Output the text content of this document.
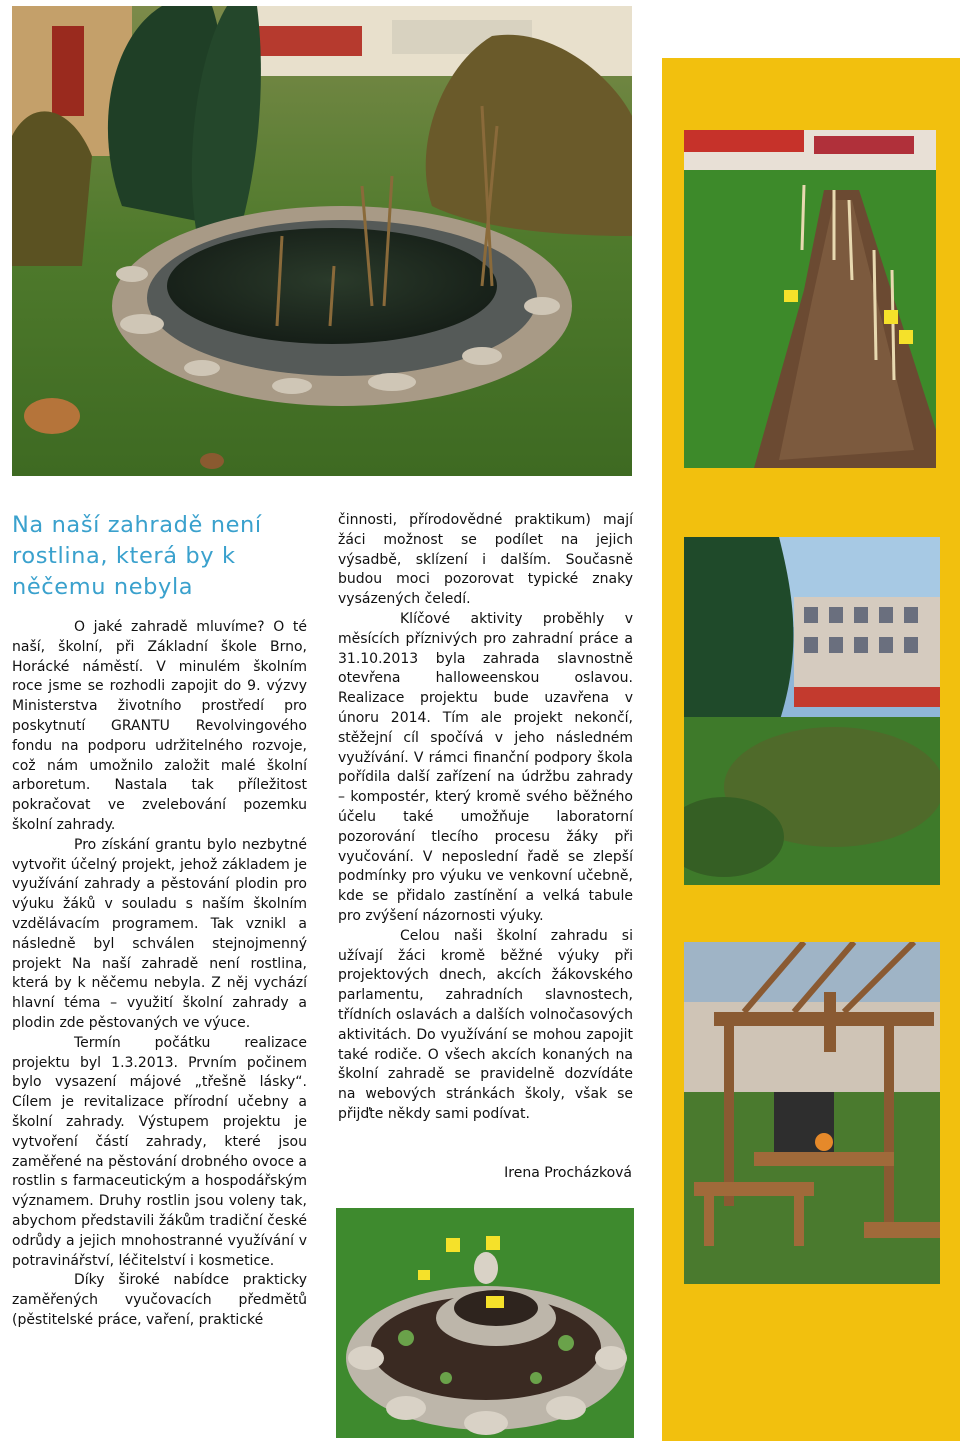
Na naší zahradě není rostlina, která by k něčemu nebyla

O jaké zahradě mluvíme? O té naší, školní, při Základní škole Brno, Horácké náměstí. V minulém školním roce jsme se rozhodli zapojit do 9. výzvy Ministerstva životního prostředí pro poskytnutí GRANTU Revolvingového fondu na podporu udržitelného rozvoje, což nám umožnilo založit malé školní arboretum. Nastala tak příležitost pokračovat ve zvelebování pozemku školní zahrady.

Pro získání grantu bylo nezbytné vytvořit účelný projekt, jehož základem je využívání zahrady a pěstování plodin pro výuku žáků v souladu s naším školním vzdělávacím programem. Tak vznikl a následně byl schválen stejnojmenný projekt Na naší zahradě není rostlina, která by k něčemu nebyla. Z něj vychází hlavní téma – využití školní zahrady a plodin zde pěstovaných ve výuce.

Termín počátku realizace projektu byl 1.3.2013. Prvním počinem bylo vysazení májové „třešně lásky“. Cílem je revitalizace přírodní učebny a školní zahrady. Výstupem projektu je vytvoření částí zahrady, které jsou zaměřené na pěstování drobného ovoce a rostlin s farmaceutickým a hospodářským významem. Druhy rostlin jsou voleny tak, abychom představili žákům tradiční české odrůdy a jejich mnohostranné využívání v potravinářství, léčitelství i kosmetice.

Díky široké nabídce prakticky zaměřených vyučovacích předmětů (pěstitelské práce, vaření, praktické

činnosti, přírodovědné praktikum) mají žáci možnost se podílet na jejich výsadbě, sklízení i dalším. Současně budou moci pozorovat typické znaky vysázených čeledí.

Klíčové aktivity proběhly v měsících příznivých pro zahradní práce a 31.10.2013 byla zahrada slavnostně otevřena halloweenskou oslavou. Realizace projektu bude uzavřena v únoru 2014. Tím ale projekt nekončí, stěžejní cíl spočívá v jeho následném využívání. V rámci finanční podpory škola pořídila další zařízení na údržbu zahrady – kompostér, který kromě svého běžného účelu také umožňuje laboratorní pozorování tlecího procesu žáky při vyučování. V neposlední řadě se zlepší podmínky pro výuku ve venkovní učebně, kde se přidalo zastínění a velká tabule pro zvýšení názornosti výuky.

Celou naši školní zahradu si užívají žáci kromě běžné výuky při projektových dnech, akcích žákovského parlamentu, zahradních slavnostech, třídních oslavách a dalších volnočasových aktivitách. Do využívání se mohou zapojit také rodiče. O všech akcích konaných na školní zahradě se pravidelně dozvídáte na webových stránkách školy, však se přijďte někdy sami podívat.

Irena Procházková
